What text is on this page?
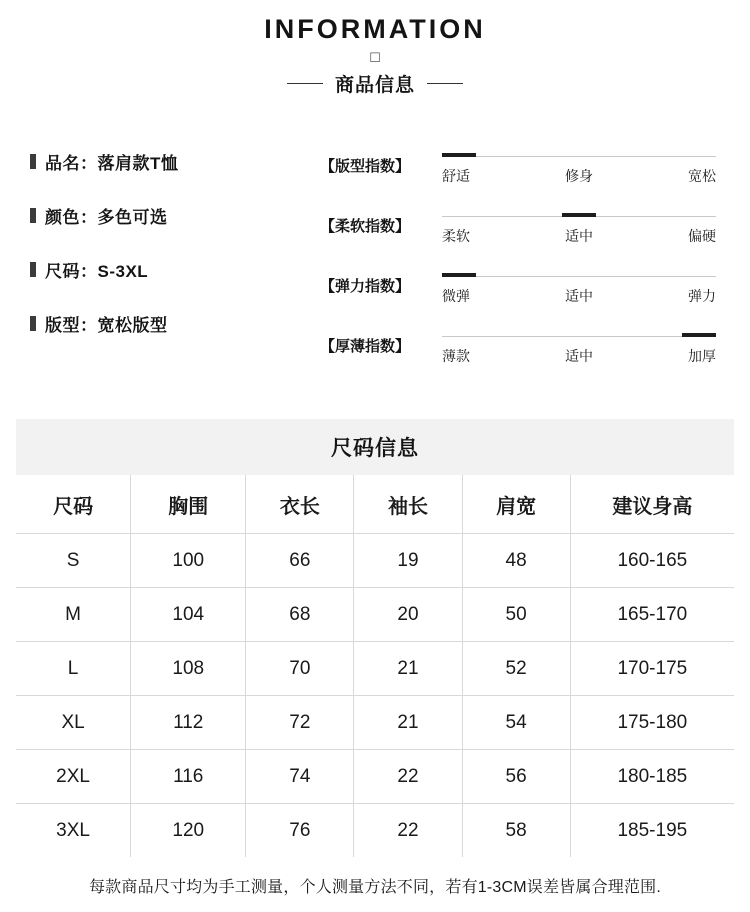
INFORMATION
☐
商品信息
品名：落肩款T恤
颜色：多色可选
尺码：S-3XL
版型：宽松版型
【版型指数】
舒适	修身	宽松
【柔软指数】
柔软	适中	偏硬
【弹力指数】
微弹	适中	弹力
【厚薄指数】
薄款	适中	加厚
尺码信息
尺码	胸围	衣长	袖长	肩宽	建议身高
S	100	66	19	48	160-165
M	104	68	20	50	165-170
L	108	70	21	52	170-175
XL	112	72	21	54	175-180
2XL	116	74	22	56	180-185
3XL	120	76	22	58	185-195
每款商品尺寸均为手工测量，个人测量方法不同，若有1-3CM误差皆属合理范围.
